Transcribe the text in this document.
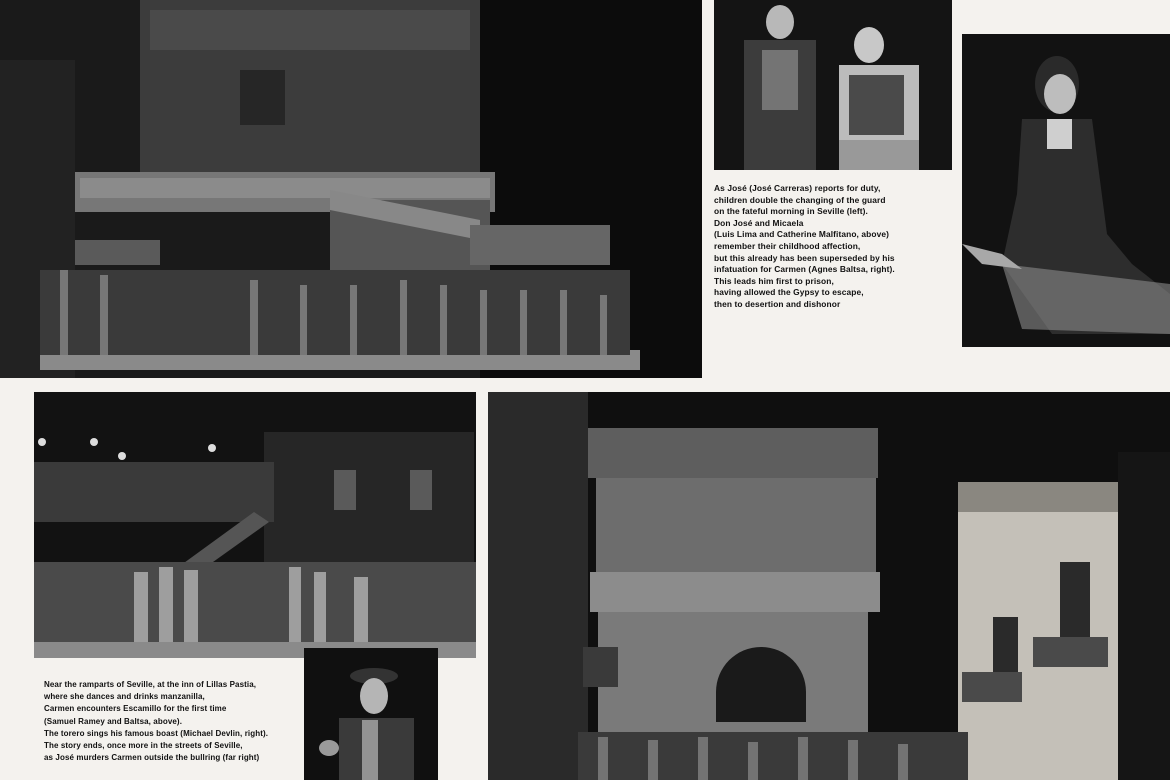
As José (José Carreras) reports for duty,
children double the changing of the guard
on the fateful morning in Seville (left).
Don José and Micaela
(Luis Lima and Catherine Malfitano, above)
remember their childhood affection,
but this already has been superseded by his
infatuation for Carmen (Agnes Baltsa, right).
This leads him first to prison,
having allowed the Gypsy to escape,
then to desertion and dishonor
Near the ramparts of Seville, at the inn of Lillas Pastia,
where she dances and drinks manzanilla,
Carmen encounters Escamillo for the first time
(Samuel Ramey and Baltsa, above).
The torero sings his famous boast (Michael Devlin, right).
The story ends, once more in the streets of Seville,
as José murders Carmen outside the bullring (far right)
